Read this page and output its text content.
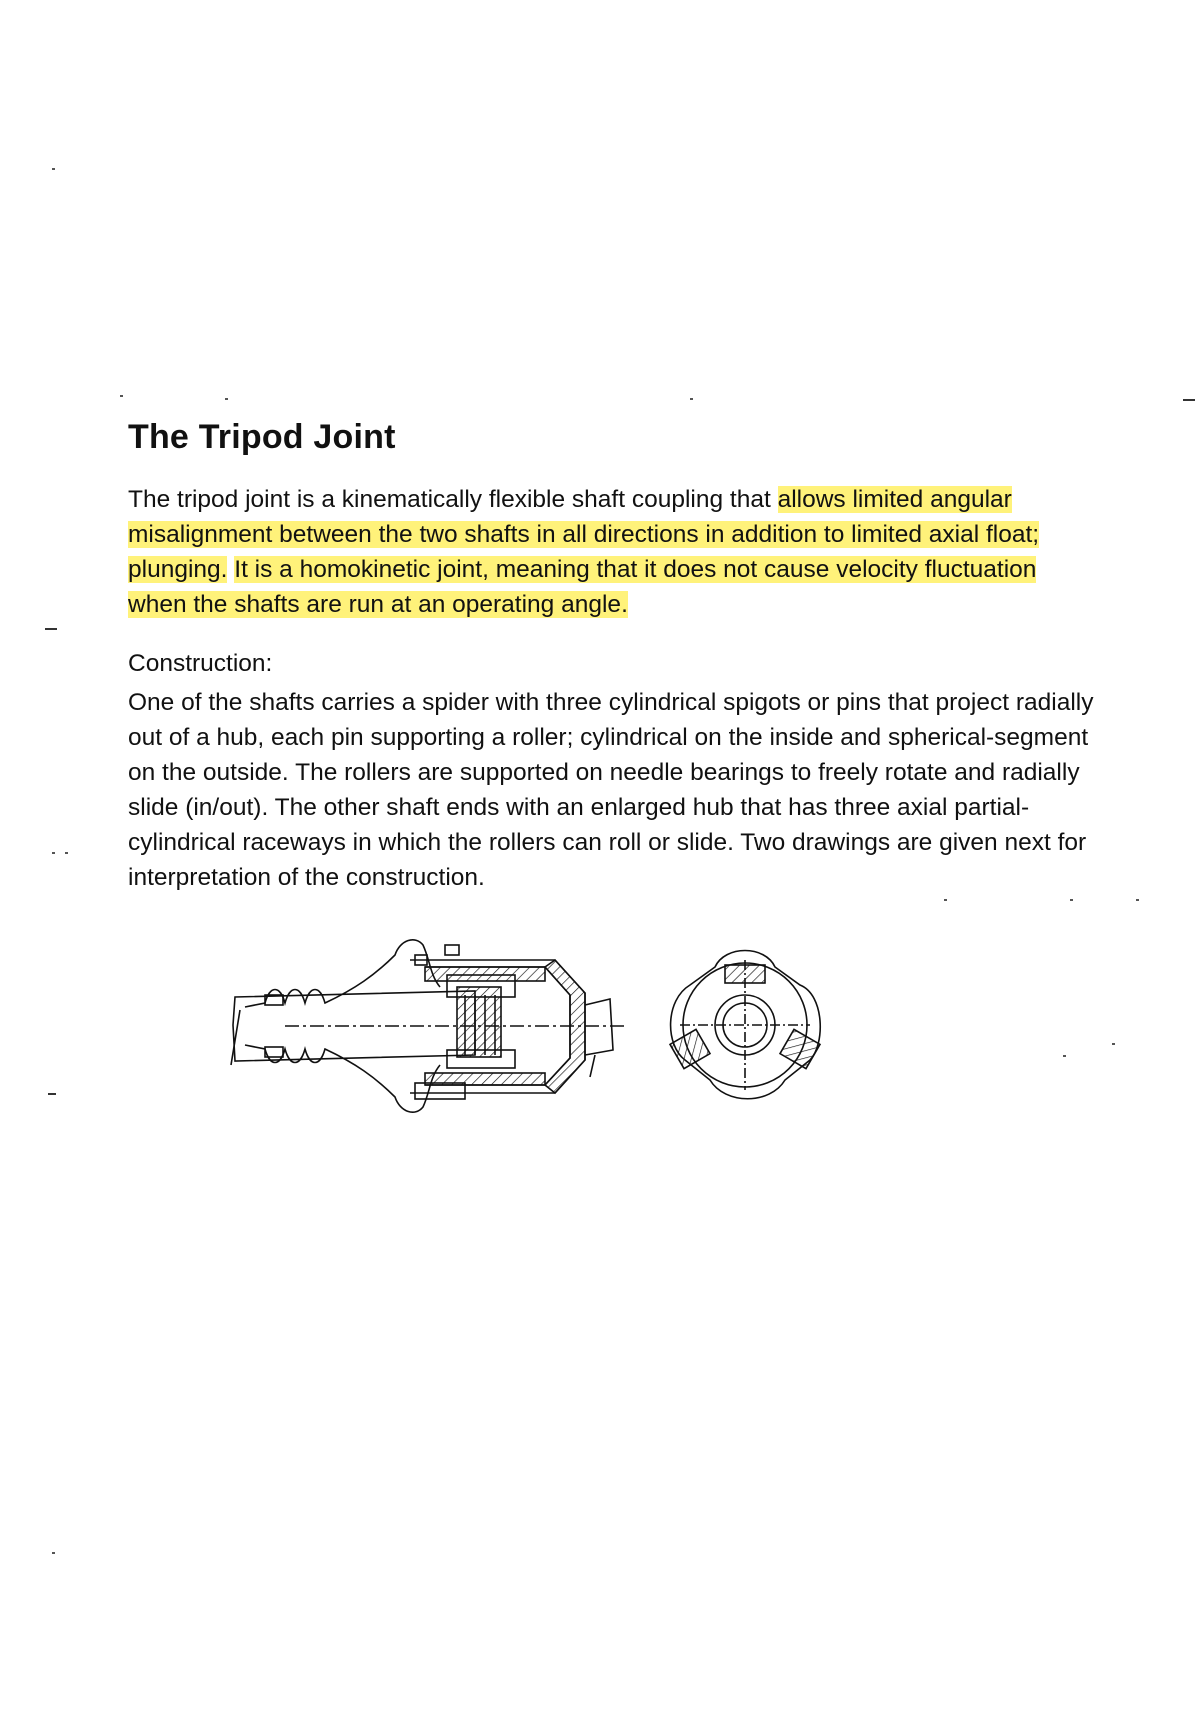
The Tripod Joint

The tripod joint is a kinematically flexible shaft coupling that allows limited angular misalignment between the two shafts in all directions in addition to limited axial float; plunging. It is a homokinetic joint, meaning that it does not cause velocity fluctuation when the shafts are run at an operating angle.

Construction:

One of the shafts carries a spider with three cylindrical spigots or pins that project radially out of a hub, each pin supporting a roller; cylindrical on the inside and spherical-segment on the outside. The rollers are supported on needle bearings to freely rotate and radially slide (in/out). The other shaft ends with an enlarged hub that has three axial partial-cylindrical raceways in which the rollers can roll or slide. Two drawings are given next for interpretation of the construction.
